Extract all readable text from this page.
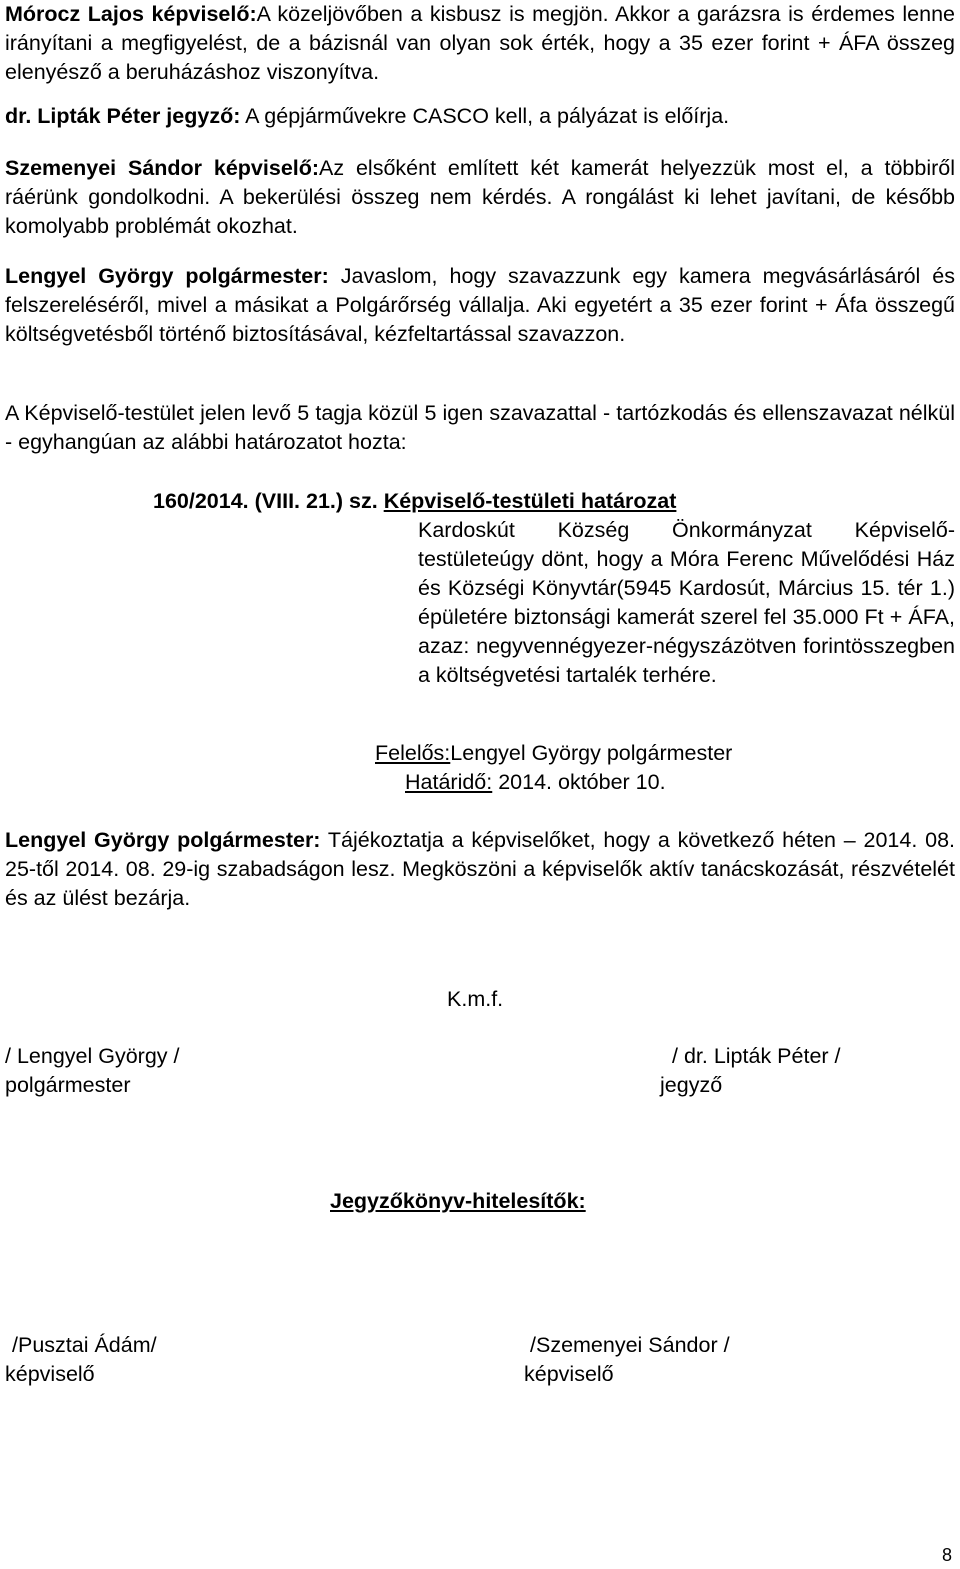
Mórocz Lajos képviselő:A közeljövőben a kisbusz is megjön. Akkor a garázsra is érdemes lenne irányítani a megfigyelést, de a bázisnál van olyan sok érték, hogy a 35 ezer forint + ÁFA összeg elenyésző a beruházáshoz viszonyítva.
dr. Lipták Péter jegyző: A gépjárművekre CASCO kell, a pályázat is előírja.
Szemenyei Sándor képviselő:Az elsőként említett két kamerát helyezzük most el, a többiről ráérünk gondolkodni. A bekerülési összeg nem kérdés. A rongálást ki lehet javítani, de később komolyabb problémát okozhat.
Lengyel György polgármester: Javaslom, hogy szavazzunk egy kamera megvásárlásáról és felszereléséről, mivel a másikat a Polgárőrség vállalja. Aki egyetért a 35 ezer forint + Áfa összegű költségvetésből történő biztosításával, kézfeltartással szavazzon.
A Képviselő-testület jelen levő 5 tagja közül 5 igen szavazattal - tartózkodás és ellenszavazat nélkül - egyhangúan az alábbi határozatot hozta:
160/2014. (VIII. 21.) sz. Képviselő-testületi határozat
Kardoskút Község Önkormányzat Képviselő-testületeúgy dönt, hogy a Móra Ferenc Művelődési Ház és Községi Könyvtár(5945 Kardosút, Március 15. tér 1.) épületére biztonsági kamerát szerel fel 35.000 Ft + ÁFA, azaz: negyvennégyezer-négyszázötven forintösszegben a költségvetési tartalék terhére.
Felelős:Lengyel György polgármester
Határidő: 2014. október 10.
Lengyel György polgármester: Tájékoztatja a képviselőket, hogy a következő héten – 2014. 08. 25-től 2014. 08. 29-ig szabadságon lesz. Megköszöni a képviselők aktív tanácskozását, részvételét és az ülést bezárja.
K.m.f.
/ Lengyel György /
polgármester
/ dr. Lipták Péter /
jegyző
Jegyzőkönyv-hitelesítők:
/Pusztai Ádám/
képviselő
/Szemenyei Sándor /
képviselő
8
